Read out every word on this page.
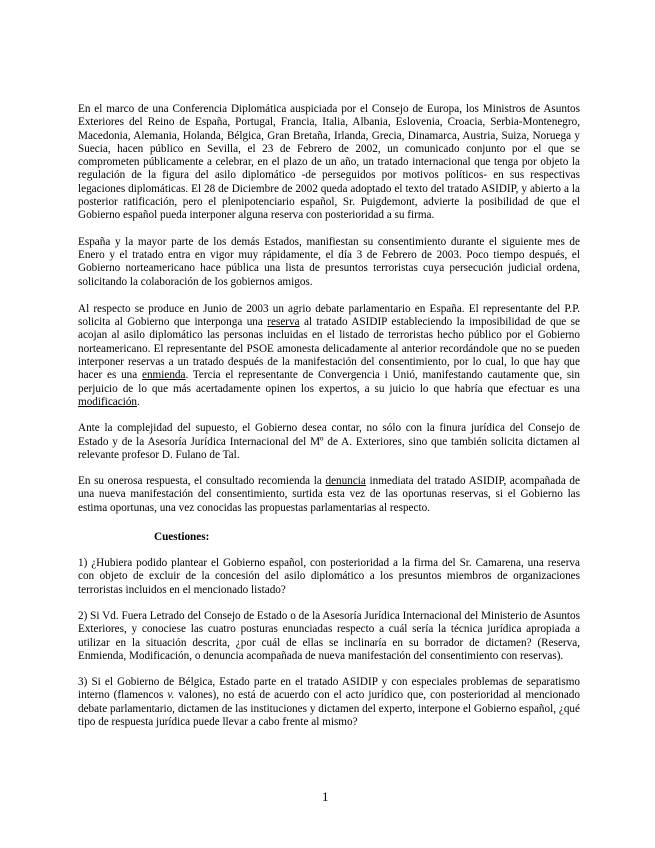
En el marco de una Conferencia Diplomática auspiciada por el Consejo de Europa, los Ministros de Asuntos Exteriores del Reino de España, Portugal, Francia, Italia, Albania, Eslovenia, Croacia, Serbia-Montenegro, Macedonia, Alemania, Holanda, Bélgica, Gran Bretaña, Irlanda, Grecia, Dinamarca, Austria, Suiza, Noruega y Suecia, hacen público en Sevilla, el 23 de Febrero de 2002, un comunicado conjunto por el que se comprometen públicamente a celebrar, en el plazo de un año, un tratado internacional que tenga por objeto la regulación de la figura del asilo diplomático -de perseguidos por motivos políticos- en sus respectivas legaciones diplomáticas. El 28 de Diciembre de 2002 queda adoptado el texto del tratado ASIDIP, y abierto a la posterior ratificación, pero el plenipotenciario español, Sr. Puigdemont, advierte la posibilidad de que el Gobierno español pueda interponer alguna reserva con posterioridad a su firma.

España y la mayor parte de los demás Estados, manifiestan su consentimiento durante el siguiente mes de Enero y el tratado entra en vigor muy rápidamente, el día 3 de Febrero de 2003. Poco tiempo después, el Gobierno norteamericano hace pública una lista de presuntos terroristas cuya persecución judicial ordena, solicitando la colaboración de los gobiernos amigos.

Al respecto se produce en Junio de 2003 un agrio debate parlamentario en España. El representante del P.P. solicita al Gobierno que interponga una reserva al tratado ASIDIP estableciendo la imposibilidad de que se acojan al asilo diplomático las personas incluidas en el listado de terroristas hecho público por el Gobierno norteamericano. El representante del PSOE amonesta delicadamente al anterior recordándole que no se pueden interponer reservas a un tratado después de la manifestación del consentimiento, por lo cual, lo que hay que hacer es una enmienda. Tercia el representante de Convergencia i Unió, manifestando cautamente que, sin perjuicio de lo que más acertadamente opinen los expertos, a su juicio lo que habría que efectuar es una modificación.

Ante la complejidad del supuesto, el Gobierno desea contar, no sólo con la finura jurídica del Consejo de Estado y de la Asesoría Jurídica Internacional del Mº de A. Exteriores, sino que también solicita dictamen al relevante profesor D. Fulano de Tal.

En su onerosa respuesta, el consultado recomienda la denuncia inmediata del tratado ASIDIP, acompañada de una nueva manifestación del consentimiento, surtida esta vez de las oportunas reservas, si el Gobierno las estima oportunas, una vez conocidas las propuestas parlamentarias al respecto.

Cuestiones:

1) ¿Hubiera podido plantear el Gobierno español, con posterioridad a la firma del Sr. Camarena, una reserva con objeto de excluir de la concesión del asilo diplomático a los presuntos miembros de organizaciones terroristas incluidos en el mencionado listado?

2) Si Vd. Fuera Letrado del Consejo de Estado o de la Asesoría Jurídica Internacional del Ministerio de Asuntos Exteriores, y conociese las cuatro posturas enunciadas respecto a cuál sería la técnica jurídica apropiada a utilizar en la situación descrita, ¿por cuál de ellas se inclinaría en su borrador de dictamen? (Reserva, Enmienda, Modificación, o denuncia acompañada de nueva manifestación del consentimiento con reservas).

3) Si el Gobierno de Bélgica, Estado parte en el tratado ASIDIP y con especiales problemas de separatismo interno (flamencos v. valones), no está de acuerdo con el acto jurídico que, con posterioridad al mencionado debate parlamentario, dictamen de las instituciones y dictamen del experto, interpone el Gobierno español, ¿qué tipo de respuesta jurídica puede llevar a cabo frente al mismo?

1
